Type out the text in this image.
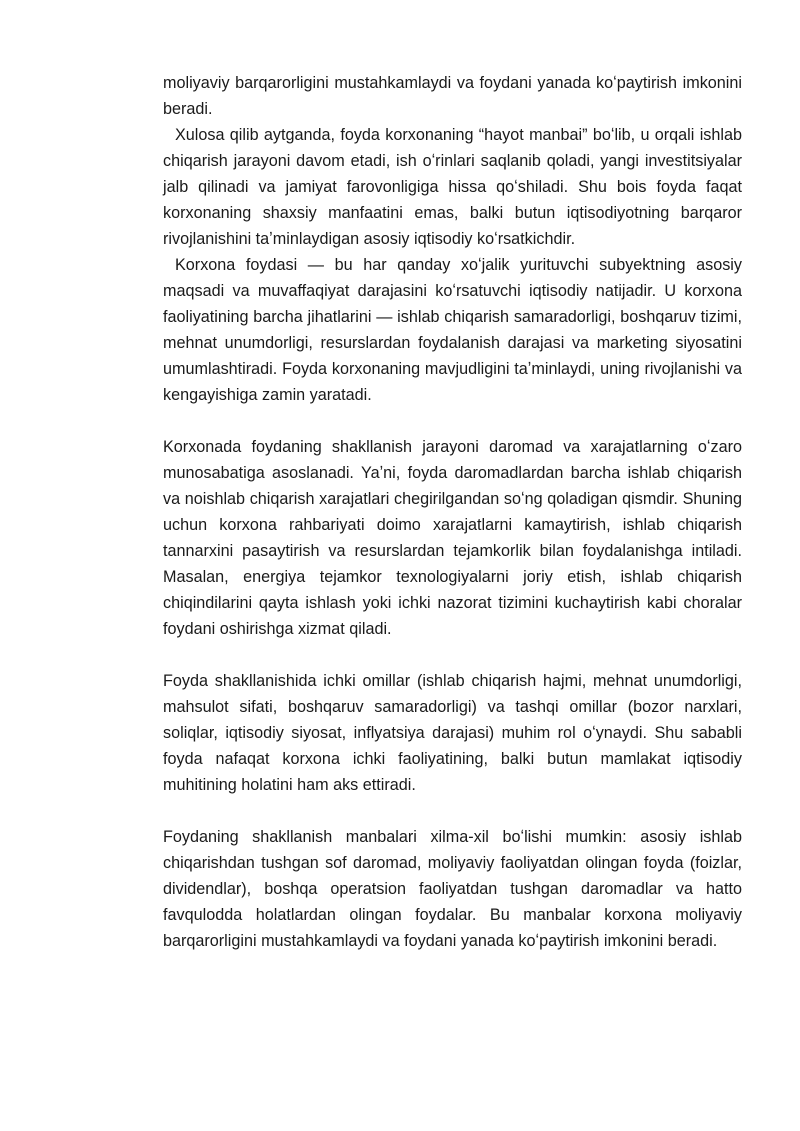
moliyaviy barqarorligini mustahkamlaydi va foydani yanada koʻpaytirish imkonini beradi.

Xulosa qilib aytganda, foyda korxonaning “hayot manbai” boʻlib, u orqali ishlab chiqarish jarayoni davom etadi, ish oʻrinlari saqlanib qoladi, yangi investitsiyalar jalb qilinadi va jamiyat farovonligiga hissa qoʻshiladi. Shu bois foyda faqat korxonaning shaxsiy manfaatini emas, balki butun iqtisodiyotning barqaror rivojlanishini taʼminlaydigan asosiy iqtisodiy koʻrsatkichdir.

Korxona foydasi — bu har qanday xoʻjalik yurituvchi subyektning asosiy maqsadi va muvaffaqiyat darajasini koʻrsatuvchi iqtisodiy natijadir. U korxona faoliyatining barcha jihatlarini — ishlab chiqarish samaradorligi, boshqaruv tizimi, mehnat unumdorligi, resurslardan foydalanish darajasi va marketing siyosatini umumlashtiradi. Foyda korxonaning mavjudligini taʼminlaydi, uning rivojlanishi va kengayishiga zamin yaratadi.

Korxonada foydaning shakllanish jarayoni daromad va xarajatlarning oʻzaro munosabatiga asoslanadi. Yaʼni, foyda daromadlardan barcha ishlab chiqarish va noishlab chiqarish xarajatlari chegirilgandan soʻng qoladigan qismdir. Shuning uchun korxona rahbariyati doimo xarajatlarni kamaytirish, ishlab chiqarish tannarxini pasaytirish va resurslardan tejamkorlik bilan foydalanishga intiladi. Masalan, energiya tejamkor texnologiyalarni joriy etish, ishlab chiqarish chiqindilarini qayta ishlash yoki ichki nazorat tizimini kuchaytirish kabi choralar foydani oshirishga xizmat qiladi.

Foyda shakllanishida ichki omillar (ishlab chiqarish hajmi, mehnat unumdorligi, mahsulot sifati, boshqaruv samaradorligi) va tashqi omillar (bozor narxlari, soliqlar, iqtisodiy siyosat, inflyatsiya darajasi) muhim rol oʻynaydi. Shu sababli foyda nafaqat korxona ichki faoliyatining, balki butun mamlakat iqtisodiy muhitining holatini ham aks ettiradi.

Foydaning shakllanish manbalari xilma-xil boʻlishi mumkin: asosiy ishlab chiqarishdan tushgan sof daromad, moliyaviy faoliyatdan olingan foyda (foizlar, dividendlar), boshqa operatsion faoliyatdan tushgan daromadlar va hatto favqulodda holatlardan olingan foydalar. Bu manbalar korxona moliyaviy barqarorligini mustahkamlaydi va foydani yanada koʻpaytirish imkonini beradi.
